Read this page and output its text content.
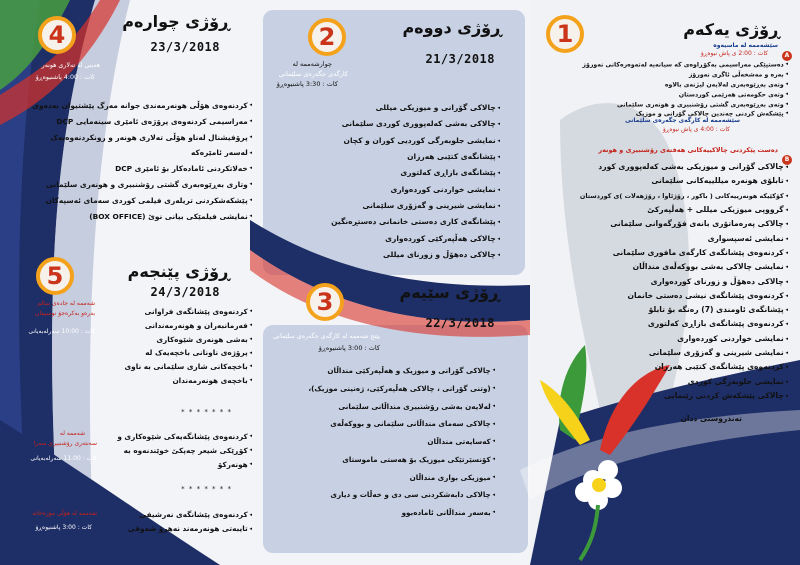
1	ڕۆژی یەکەم
A
سێشەممە لە ماسیەوە
کات : 2:00 ی پاش نیوەڕۆ
◂ دەستپێکی مەراسیمی بەکۆڕاوەی کە سیانەیە لەتەوەرەکانی نەورۆز
◂ بەرە و مەشخەڵی ئاگری نەورۆز
◂ وتەی بەڕێوەبەری لەلایەن لیژنەی بالاوە
◂ وتەی حکومەتی هەرێمی کوردستان
◂ وتەی بەڕێوەبەری گشتی رۆشنبیری و هونەری سلێمانی
◂ پێشکەش کردنی چەندین چالاکی گۆرانی و موزیک
سێشەممە لە کارگەی جگەرەی سلێمانی
کات : 4:00 ی پاش نیوەڕۆ
B
دەست پێکردنی چالاکییەکانی هەفتەی رۆشنبیری و هونەر
◂ چالاکی گۆرانی و میوزیکی بەشی کەلەپووری کورد
◂ تابلۆی هونەرە میللییەکانی سلێمانی
◂ کۆکێیکە هونەرییەکانی ( باکور ، رۆژئاوا ، رۆژهەلات )ی کوردستان
◂ گرووپی میوزیکی میللی + هەڵپەرکێ
◂ چالاکی پەرەماتۆری بانەی فۆڕگەوانی سلێمانی
◂ نمایشی ئەسپسواری
◂ کردنەوەی پێشانگەی کارگەی مافوری سلێمانی
◂ نمایشی چالاکی بەشی بووکەڵەی منداڵان
◂ چالاکی دەهۆڵ و زورنای کوردەواری
◂ کردنەوەی پێشانگەی نیشی دەستی خانمان
◂ پێشانگەی ئاومندی (7) رەنگە بۆ تابلۆ
◂ کردنەوەی پێشانگەی بازاڕی کەلتوری
◂ نمایشی خواردنی کوردەواری
◂ نمایشی شیرینی و گەزۆری سلێمانی
◂ کردنەوەی پێشانگەی کتێبی هەرزان
◂ نمایشی جلوبەرگی کوردی
◂ چالاکی پێشکەش کردنی رێنمایی
تەندروستی ددان
2	ڕۆژی دووەم
21/3/2018
چوارشەممە لە
کارگەی جگەرەی سلێمانی
کات : 3:30 پاشنیوەڕۆ
◂ چالاکی گۆرانی و میوزیکی میللی
◂ چالاکی بەشی کەلەپووری کوردی سلێمانی
◂ نمایشی جلوبەرگی کوردیی کوران و کچان
◂ پێشانگەی کتێبی هەرزان
◂ پێشانگەی بازاڕی کەلتوری
◂ نمایشی خواردنی کوردەواری
◂ نمایشی شیرینی و گەزۆری سلێمانی
◂ پێشانگەی کاری دەستی خانمانی دەستڕەنگین
◂ چالاکی هەڵپەرکێی کوردەواری
◂ چالاکی دەهۆڵ و زورنای میللی
3	ڕۆژی سێیەم
22/3/2018
پێنج شەممە لە کارگەی جگەرەی سلێمانی
کات : 3:00 پاشنیوەڕۆ
◂ چالاکی گۆرانی و میوزیک و هەڵپەرکێی منداڵان
◂ (وتنی گۆرانی ، چالاکی هەڵپەرکێی، ژەنینی موزیک)،
◂ لەلایەن بەشی رۆشنبیری منداڵانی سلێمانی
◂ چالاکی سەمای منداڵانی سلێمانی و بووکەڵەی
◂ کەسایەتی منداڵان
◂ کۆنسێرتێکی میوزیک بۆ هەستی ماموستای
◂ میوزیکی بواری منداڵان
◂ چالاکی دابەشکردنی سی دی و خەڵات و دیاری
◂ بەسەر منداڵانی ئامادەبوو
4	ڕۆژی چوارەم
23/3/2018
هەینی لە تەلاری هونەر
کات : 4:00 پاشنیوەڕۆ
◂ کردنەوەی هۆڵی هونەرمەندی جوانە مەرگ پێشتیوان بەدەوی
◂ مەراسیمی کردنەوەی پرۆژەی ئامێری سینەمایی DCP
◂ پرۆفیشنال لەناو هۆڵی تەلاری هونەر و رونکردنەوەیەک
◂ لەسەر ئامێرەکە
◂ خەلاتکردنی ئامادەکار بۆ ئامێری DCP
◂ وتاری بەڕێوەبەری گشتی رۆشنبیری و هونەری سلێمانی
◂ پێشکەشکردنی تریلەری فیلمی کوردی سەمای ئەسپەکان
◂ نمایشی فیلمێکی بیانی نوێ (BOX OFFICE)
5	ڕۆژی پێنجەم
24/3/2018
شەممە لە جادەی سالم
بەرەو بەکرەجۆ نوسیمان
کات : 10:00 سەرلەبەیانی
◂ کردنەوەی پێشانگەی فراوانی
◂ فەرمانبەران و هونەرمەندانی
◂ بەشی هونەری شێوەکاری
◂ پرۆژەی ناونانی باخچەیەک لە
◂ باخچەکانی شاری سلێمانی بە ناوی
◂ باخچەی هونەرمەندان
* * * * * * *
شەممە لە
سەنتەری رۆشنبیری سەرا
کات : 11:00 سەرلەبەیانی
◂ کردنەوەی پێشانگەیەکی شێوەکاری و
◂ کۆڕێکی شیعر چەپکێ خوێندنەوە بە
◂ هونەرکۆ
* * * * * * *
شەممە لە هۆڵی مۆزەخانە
کات : 3:00 پاشنیوەڕۆ
◂ کردنەوەی پێشانگەی نەرشیفی
◂ تایبەتی هونەرمەند نەهرۆ شەوقی
